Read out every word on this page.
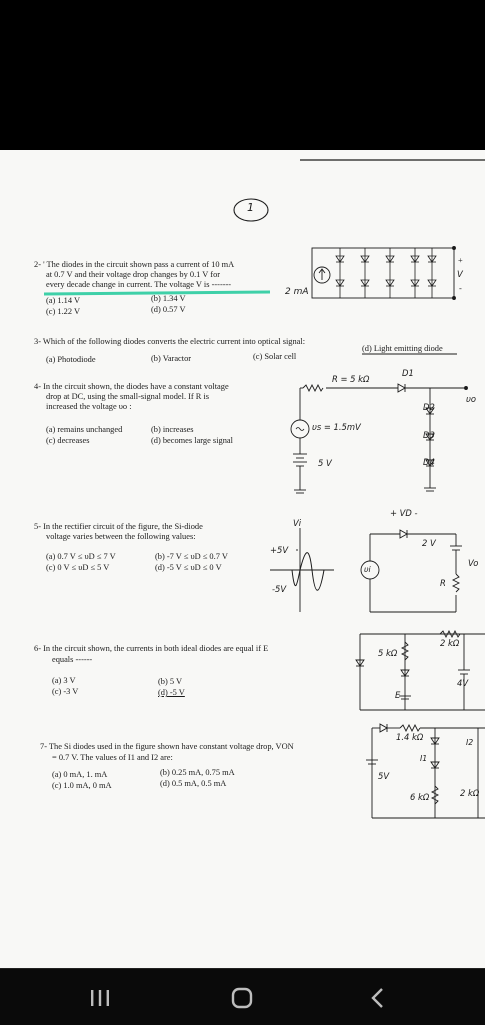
1
2- ' The diodes in the circuit shown pass a current of 10 mA
at 0.7 V and their voltage drop changes by 0.1 V for
every decade change in current. The voltage V is -------
(a) 1.14 V	(b) 1.34 V
(c) 1.22 V	(d) 0.57 V
2 mA
+
V
-
3- Which of the following diodes converts the electric current into optical signal:
(a) Photodiode	(b) Varactor	(c) Solar cell
(d) Light emitting diode
4- In the circuit shown, the diodes have a constant voltage
drop at DC, using the small-signal model. If R is
increased the voltage υo :
(a) remains unchanged	(b) increases
(c) decreases	(d) becomes large signal
R = 5 kΩ
υs = 1.5mV
5 V
D1
D2
D3
D4
υo
5- In the rectifier circuit of the figure, the Si-diode
voltage varies between the following values:
(a) 0.7 V ≤ υD ≤ 7 V	(b) -7 V ≤ υD ≤ 0.7 V
(c) 0 V ≤ υD ≤ 5 V	(d) -5 V ≤ υD ≤ 0 V
Vi
+5V
-5V
+ VD -
2 V
R
Vo
υi
6- In the circuit shown, the currents in both ideal diodes are equal if E
equals ------
(a) 3 V	(b) 5 V
(c) -3 V	(d) -5 V
2 kΩ
5 kΩ
E
4V
7- The Si diodes used in the figure shown have constant voltage drop, VON
= 0.7 V. The values of I1 and I2 are:
(a) 0 mA, 1. mA	(b) 0.25 mA, 0.75 mA
(c) 1.0 mA, 0 mA	(d) 0.5 mA, 0.5 mA
1.4 kΩ
6 kΩ	2 kΩ
5V
I1
I2
